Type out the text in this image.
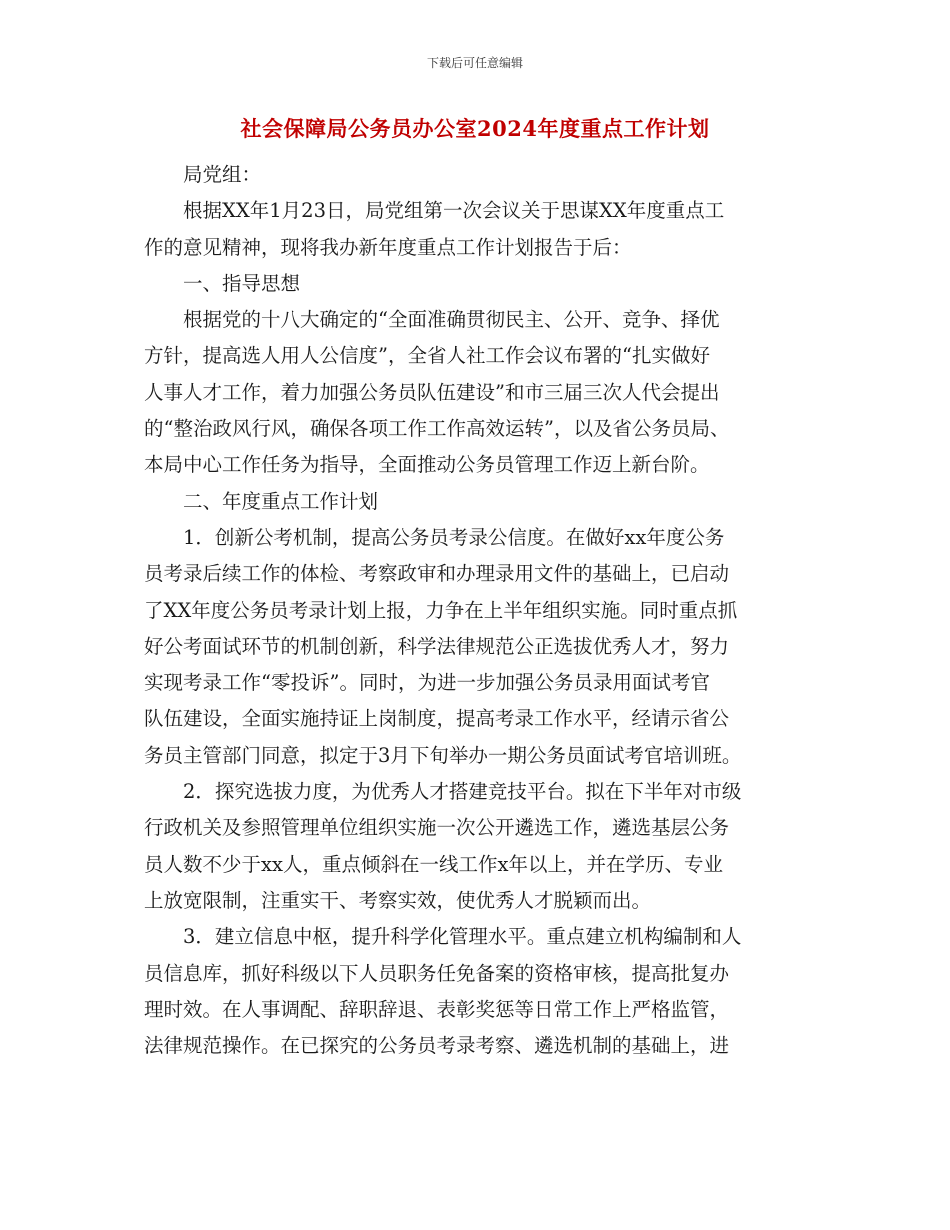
下载后可任意编辑
社会保障局公务员办公室2024年度重点工作计划

局党组：

根据XX年1月23日，局党组第一次会议关于思谋XX年度重点工
作的意见精神，现将我办新年度重点工作计划报告于后：

一、指导思想

根据党的十八大确定的“全面准确贯彻民主、公开、竞争、择优
方针，提高选人用人公信度”，全省人社工作会议布署的“扎实做好
人事人才工作，着力加强公务员队伍建设”和市三届三次人代会提出
的“整治政风行风，确保各项工作工作高效运转”，以及省公务员局、
本局中心工作任务为指导，全面推动公务员管理工作迈上新台阶。

二、年度重点工作计划

1．创新公考机制，提高公务员考录公信度。在做好xx年度公务
员考录后续工作的体检、考察政审和办理录用文件的基础上，已启动
了XX年度公务员考录计划上报，力争在上半年组织实施。同时重点抓
好公考面试环节的机制创新，科学法律规范公正选拔优秀人才，努力
实现考录工作“零投诉”。同时，为进一步加强公务员录用面试考官
队伍建设，全面实施持证上岗制度，提高考录工作水平，经请示省公
务员主管部门同意，拟定于3月下旬举办一期公务员面试考官培训班。

2．探究选拔力度，为优秀人才搭建竞技平台。拟在下半年对市级
行政机关及参照管理单位组织实施一次公开遴选工作，遴选基层公务
员人数不少于xx人，重点倾斜在一线工作x年以上，并在学历、专业
上放宽限制，注重实干、考察实效，使优秀人才脱颖而出。

3．建立信息中枢，提升科学化管理水平。重点建立机构编制和人
员信息库，抓好科级以下人员职务任免备案的资格审核，提高批复办
理时效。在人事调配、辞职辞退、表彰奖惩等日常工作上严格监管，
法律规范操作。在已探究的公务员考录考察、遴选机制的基础上，进
